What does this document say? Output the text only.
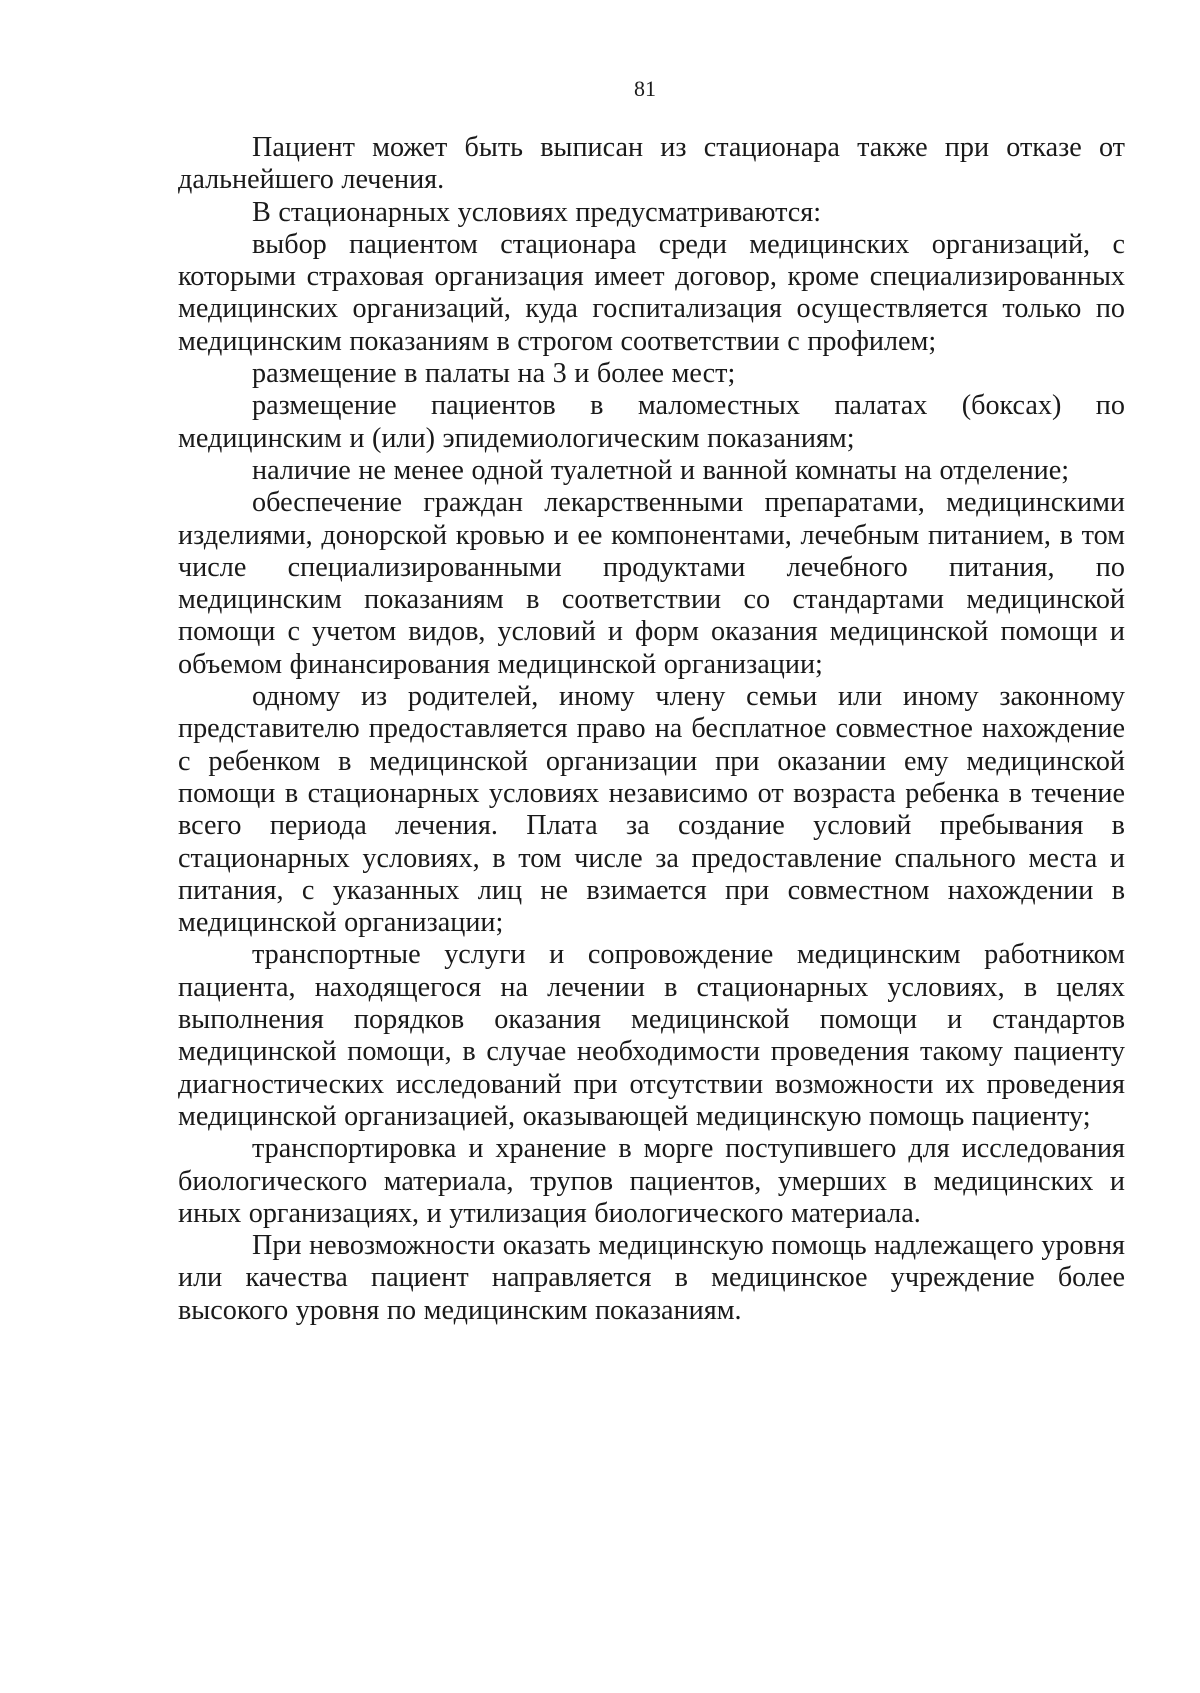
81

Пациент может быть выписан из стационара также при отказе от дальнейшего лечения.

В стационарных условиях предусматриваются:

выбор пациентом стационара среди медицинских организаций, с которыми страховая организация имеет договор, кроме специализированных медицинских организаций, куда госпитализация осуществляется только по медицинским показаниям в строгом соответствии с профилем;

размещение в палаты на 3 и более мест;

размещение пациентов в маломестных палатах (боксах) по медицинским и (или) эпидемиологическим показаниям;

наличие не менее одной туалетной и ванной комнаты на отделение;

обеспечение граждан лекарственными препаратами, медицинскими изделиями, донорской кровью и ее компонентами, лечебным питанием, в том числе специализированными продуктами лечебного питания, по медицинским показаниям в соответствии со стандартами медицинской помощи с учетом видов, условий и форм оказания медицинской помощи и объемом финансирования медицинской организации;

одному из родителей, иному члену семьи или иному законному представителю предоставляется право на бесплатное совместное нахождение с ребенком в медицинской организации при оказании ему медицинской помощи в стационарных условиях независимо от возраста ребенка в течение всего периода лечения. Плата за создание условий пребывания в стационарных условиях, в том числе за предоставление спального места и питания, с указанных лиц не взимается при совместном нахождении в медицинской организации;

транспортные услуги и сопровождение медицинским работником пациента, находящегося на лечении в стационарных условиях, в целях выполнения порядков оказания медицинской помощи и стандартов медицинской помощи, в случае необходимости проведения такому пациенту диагностических исследований при отсутствии возможности их проведения медицинской организацией, оказывающей медицинскую помощь пациенту;

транспортировка и хранение в морге поступившего для исследования биологического материала, трупов пациентов, умерших в медицинских и иных организациях, и утилизация биологического материала.

При невозможности оказать медицинскую помощь надлежащего уровня или качества пациент направляется в медицинское учреждение более высокого уровня по медицинским показаниям.
